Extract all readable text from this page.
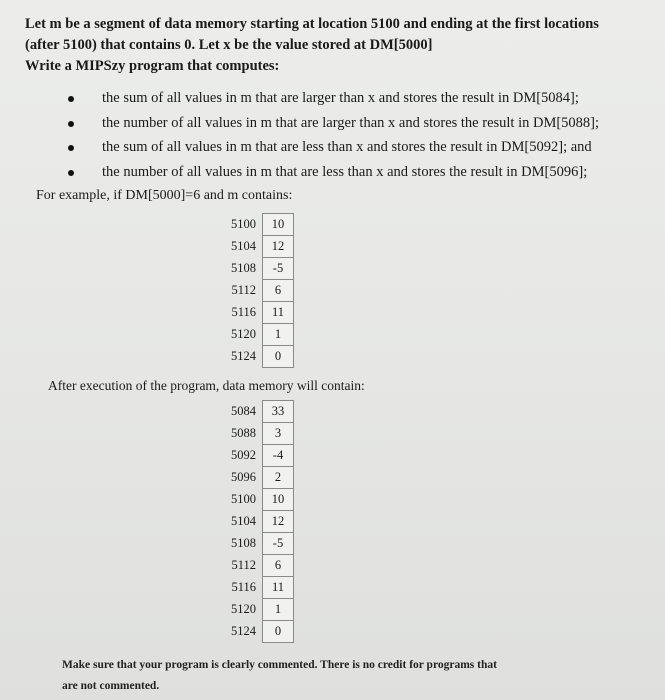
Let m be a segment of data memory starting at location 5100 and ending at the first locations
(after 5100) that contains 0. Let x be the value stored at DM[5000]
Write a MIPSzy program that computes:
the sum of all values in m that are larger than x and stores the result in DM[5084];
the number of all values in m that are larger than x and stores the result in DM[5088];
the sum of all values in m that are less than x and stores the result in DM[5092]; and
the number of all values in m that are less than x and stores the result in DM[5096];
For example, if DM[5000]=6 and m contains:
5100	10
5104	12
5108	-5
5112	6
5116	11
5120	1
5124	0
After execution of the program, data memory will contain:
5084	33
5088	3
5092	-4
5096	2
5100	10
5104	12
5108	-5
5112	6
5116	11
5120	1
5124	0
Make sure that your program is clearly commented. There is no credit for programs that
are not commented.
